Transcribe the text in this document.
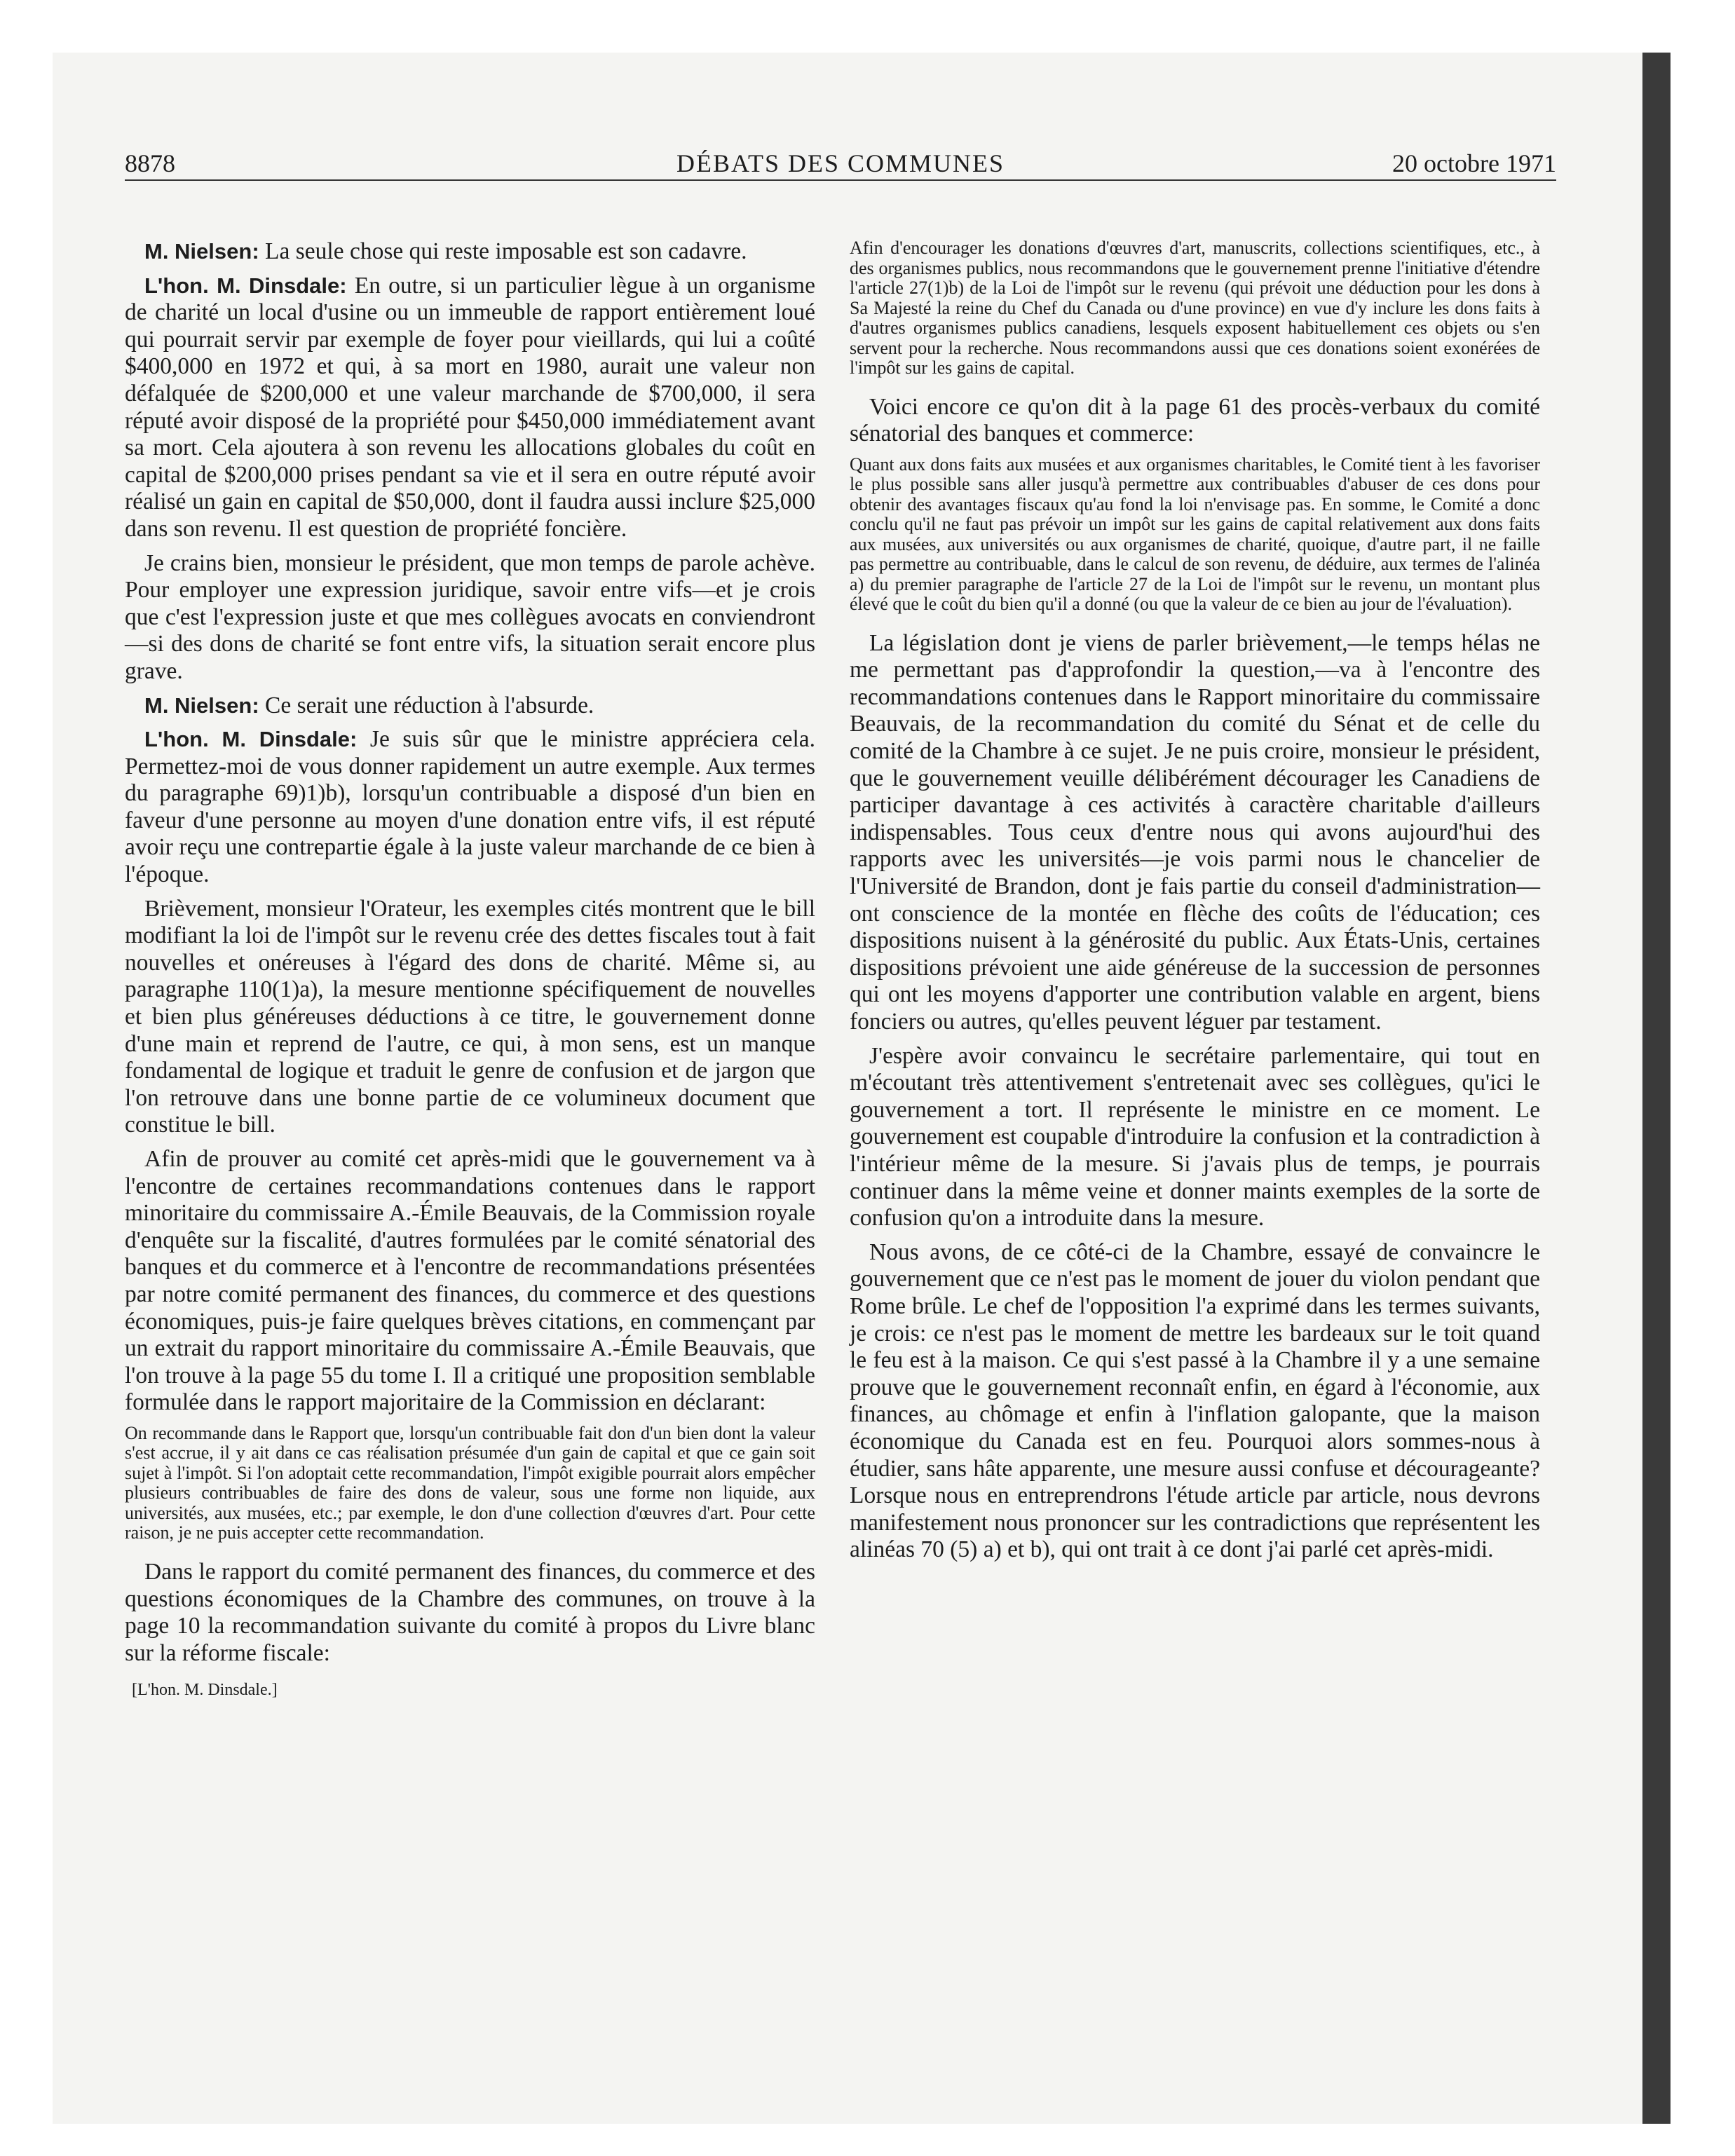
8878	DÉBATS DES COMMUNES	20 octobre 1971

M. Nielsen: La seule chose qui reste imposable est son cadavre.

L'hon. M. Dinsdale: En outre, si un particulier lègue à un organisme de charité un local d'usine ou un immeuble de rapport entièrement loué qui pourrait servir par exemple de foyer pour vieillards, qui lui a coûté $400,000 en 1972 et qui, à sa mort en 1980, aurait une valeur non défalquée de $200,000 et une valeur marchande de $700,000, il sera réputé avoir disposé de la propriété pour $450,000 immédiatement avant sa mort. Cela ajoutera à son revenu les allocations globales du coût en capital de $200,000 prises pendant sa vie et il sera en outre réputé avoir réalisé un gain en capital de $50,000, dont il faudra aussi inclure $25,000 dans son revenu. Il est question de propriété foncière.

Je crains bien, monsieur le président, que mon temps de parole achève. Pour employer une expression juridique, savoir entre vifs—et je crois que c'est l'expression juste et que mes collègues avocats en conviendront—si des dons de charité se font entre vifs, la situation serait encore plus grave.

M. Nielsen: Ce serait une réduction à l'absurde.

L'hon. M. Dinsdale: Je suis sûr que le ministre appréciera cela. Permettez-moi de vous donner rapidement un autre exemple. Aux termes du paragraphe 69)1)b), lorsqu'un contribuable a disposé d'un bien en faveur d'une personne au moyen d'une donation entre vifs, il est réputé avoir reçu une contrepartie égale à la juste valeur marchande de ce bien à l'époque.

Brièvement, monsieur l'Orateur, les exemples cités montrent que le bill modifiant la loi de l'impôt sur le revenu crée des dettes fiscales tout à fait nouvelles et onéreuses à l'égard des dons de charité. Même si, au paragraphe 110(1)a), la mesure mentionne spécifiquement de nouvelles et bien plus généreuses déductions à ce titre, le gouvernement donne d'une main et reprend de l'autre, ce qui, à mon sens, est un manque fondamental de logique et traduit le genre de confusion et de jargon que l'on retrouve dans une bonne partie de ce volumineux document que constitue le bill.

Afin de prouver au comité cet après-midi que le gouvernement va à l'encontre de certaines recommandations contenues dans le rapport minoritaire du commissaire A.-Émile Beauvais, de la Commission royale d'enquête sur la fiscalité, d'autres formulées par le comité sénatorial des banques et du commerce et à l'encontre de recommandations présentées par notre comité permanent des finances, du commerce et des questions économiques, puis-je faire quelques brèves citations, en commençant par un extrait du rapport minoritaire du commissaire A.-Émile Beauvais, que l'on trouve à la page 55 du tome I. Il a critiqué une proposition semblable formulée dans le rapport majoritaire de la Commission en déclarant:

On recommande dans le Rapport que, lorsqu'un contribuable fait don d'un bien dont la valeur s'est accrue, il y ait dans ce cas réalisation présumée d'un gain de capital et que ce gain soit sujet à l'impôt. Si l'on adoptait cette recommandation, l'impôt exigible pourrait alors empêcher plusieurs contribuables de faire des dons de valeur, sous une forme non liquide, aux universités, aux musées, etc.; par exemple, le don d'une collection d'œuvres d'art. Pour cette raison, je ne puis accepter cette recommandation.

Dans le rapport du comité permanent des finances, du commerce et des questions économiques de la Chambre des communes, on trouve à la page 10 la recommandation suivante du comité à propos du Livre blanc sur la réforme fiscale:

[L'hon. M. Dinsdale.]

Afin d'encourager les donations d'œuvres d'art, manuscrits, collections scientifiques, etc., à des organismes publics, nous recommandons que le gouvernement prenne l'initiative d'étendre l'article 27(1)b) de la Loi de l'impôt sur le revenu (qui prévoit une déduction pour les dons à Sa Majesté la reine du Chef du Canada ou d'une province) en vue d'y inclure les dons faits à d'autres organismes publics canadiens, lesquels exposent habituellement ces objets ou s'en servent pour la recherche. Nous recommandons aussi que ces donations soient exonérées de l'impôt sur les gains de capital.

Voici encore ce qu'on dit à la page 61 des procès-verbaux du comité sénatorial des banques et commerce:

Quant aux dons faits aux musées et aux organismes charitables, le Comité tient à les favoriser le plus possible sans aller jusqu'à permettre aux contribuables d'abuser de ces dons pour obtenir des avantages fiscaux qu'au fond la loi n'envisage pas. En somme, le Comité a donc conclu qu'il ne faut pas prévoir un impôt sur les gains de capital relativement aux dons faits aux musées, aux universités ou aux organismes de charité, quoique, d'autre part, il ne faille pas permettre au contribuable, dans le calcul de son revenu, de déduire, aux termes de l'alinéa a) du premier paragraphe de l'article 27 de la Loi de l'impôt sur le revenu, un montant plus élevé que le coût du bien qu'il a donné (ou que la valeur de ce bien au jour de l'évaluation).

La législation dont je viens de parler brièvement,—le temps hélas ne me permettant pas d'approfondir la question,—va à l'encontre des recommandations contenues dans le Rapport minoritaire du commissaire Beauvais, de la recommandation du comité du Sénat et de celle du comité de la Chambre à ce sujet. Je ne puis croire, monsieur le président, que le gouvernement veuille délibérément décourager les Canadiens de participer davantage à ces activités à caractère charitable d'ailleurs indispensables. Tous ceux d'entre nous qui avons aujourd'hui des rapports avec les universités—je vois parmi nous le chancelier de l'Université de Brandon, dont je fais partie du conseil d'administration—ont conscience de la montée en flèche des coûts de l'éducation; ces dispositions nuisent à la générosité du public. Aux États-Unis, certaines dispositions prévoient une aide généreuse de la succession de personnes qui ont les moyens d'apporter une contribution valable en argent, biens fonciers ou autres, qu'elles peuvent léguer par testament.

J'espère avoir convaincu le secrétaire parlementaire, qui tout en m'écoutant très attentivement s'entretenait avec ses collègues, qu'ici le gouvernement a tort. Il représente le ministre en ce moment. Le gouvernement est coupable d'introduire la confusion et la contradiction à l'intérieur même de la mesure. Si j'avais plus de temps, je pourrais continuer dans la même veine et donner maints exemples de la sorte de confusion qu'on a introduite dans la mesure.

Nous avons, de ce côté-ci de la Chambre, essayé de convaincre le gouvernement que ce n'est pas le moment de jouer du violon pendant que Rome brûle. Le chef de l'opposition l'a exprimé dans les termes suivants, je crois: ce n'est pas le moment de mettre les bardeaux sur le toit quand le feu est à la maison. Ce qui s'est passé à la Chambre il y a une semaine prouve que le gouvernement reconnaît enfin, en égard à l'économie, aux finances, au chômage et enfin à l'inflation galopante, que la maison économique du Canada est en feu. Pourquoi alors sommes-nous à étudier, sans hâte apparente, une mesure aussi confuse et décourageante? Lorsque nous en entreprendrons l'étude article par article, nous devrons manifestement nous prononcer sur les contradictions que représentent les alinéas 70 (5) a) et b), qui ont trait à ce dont j'ai parlé cet après-midi.
